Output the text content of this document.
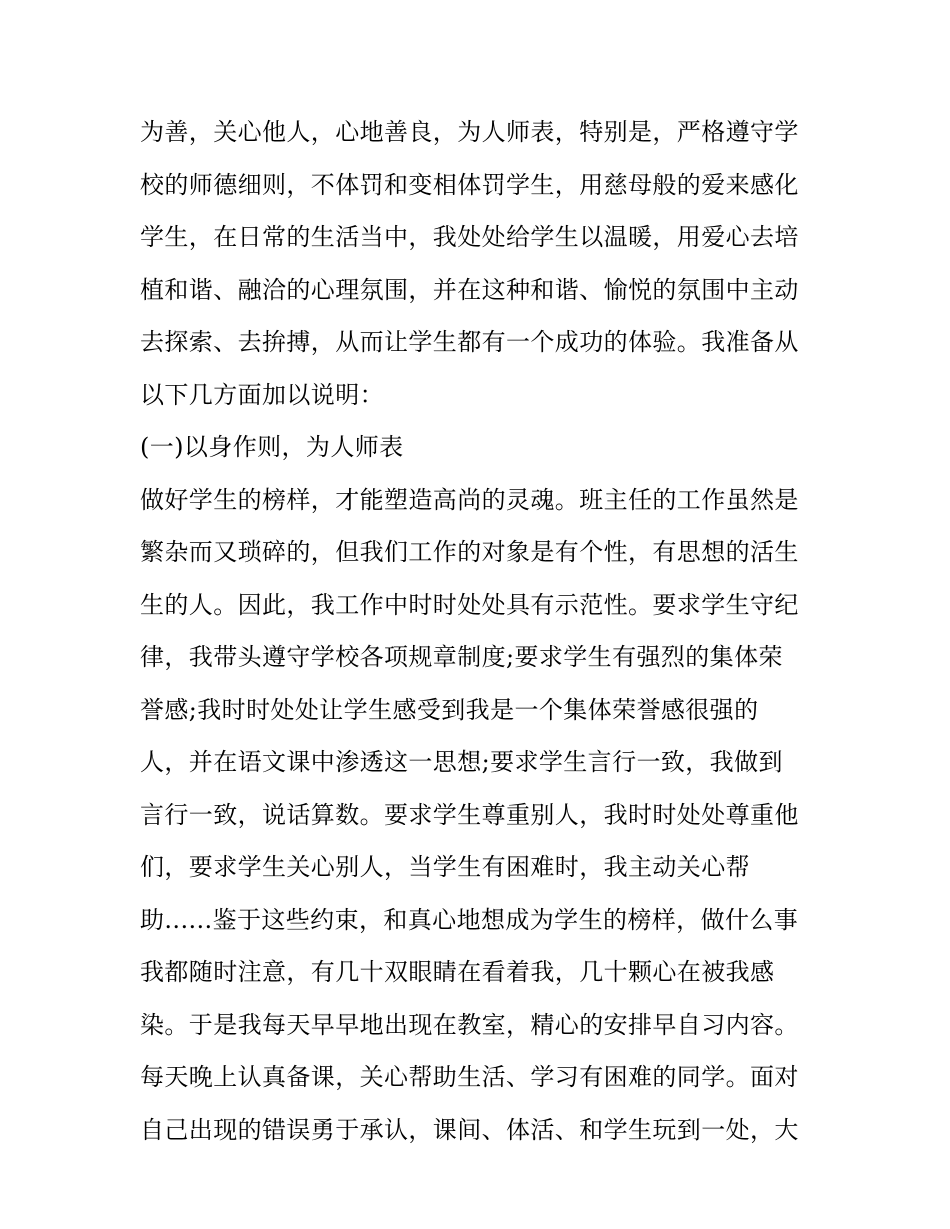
为善，关心他人，心地善良，为人师表，特别是，严格遵守学
校的师德细则，不体罚和变相体罚学生，用慈母般的爱来感化
学生，在日常的生活当中，我处处给学生以温暖，用爱心去培
植和谐、融洽的心理氛围，并在这种和谐、愉悦的氛围中主动
去探索、去拚搏，从而让学生都有一个成功的体验。我准备从
以下几方面加以说明：
(一)以身作则，为人师表
做好学生的榜样，才能塑造高尚的灵魂。班主任的工作虽然是
繁杂而又琐碎的，但我们工作的对象是有个性，有思想的活生
生的人。因此，我工作中时时处处具有示范性。要求学生守纪
律，我带头遵守学校各项规章制度;要求学生有强烈的集体荣
誉感;我时时处处让学生感受到我是一个集体荣誉感很强的
人，并在语文课中渗透这一思想;要求学生言行一致，我做到
言行一致，说话算数。要求学生尊重别人，我时时处处尊重他
们，要求学生关心别人，当学生有困难时，我主动关心帮
助......鉴于这些约束，和真心地想成为学生的榜样，做什么事
我都随时注意，有几十双眼睛在看着我，几十颗心在被我感
染。于是我每天早早地出现在教室，精心的安排早自习内容。
每天晚上认真备课，关心帮助生活、学习有困难的同学。面对
自己出现的错误勇于承认，课间、体活、和学生玩到一处，大
